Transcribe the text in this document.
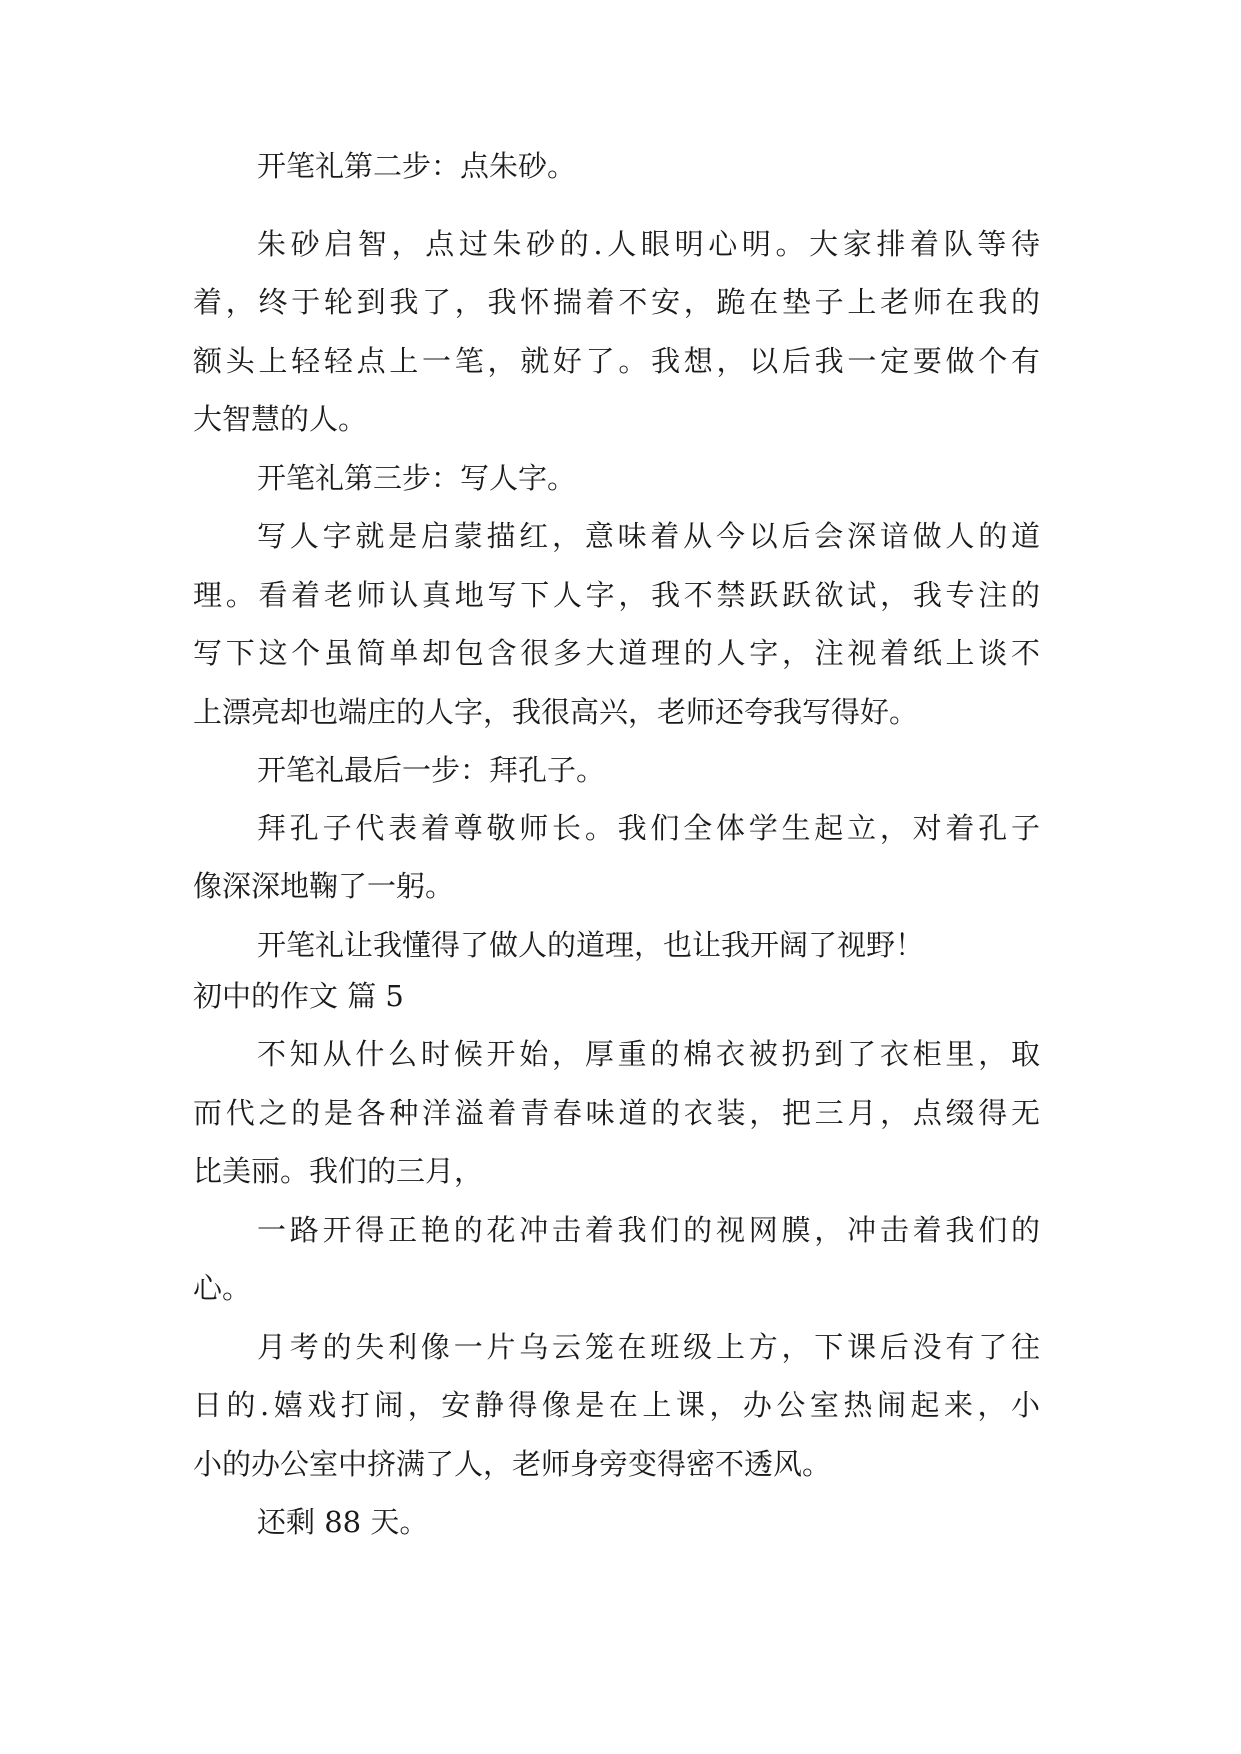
开笔礼第二步：点朱砂。
朱砂启智，点过朱砂的.人眼明心明。大家排着队等待
着，终于轮到我了，我怀揣着不安，跪在垫子上老师在我的
额头上轻轻点上一笔，就好了。我想，以后我一定要做个有
大智慧的人。
开笔礼第三步：写人字。
写人字就是启蒙描红，意味着从今以后会深谙做人的道
理。看着老师认真地写下人字，我不禁跃跃欲试，我专注的
写下这个虽简单却包含很多大道理的人字，注视着纸上谈不
上漂亮却也端庄的人字，我很高兴，老师还夸我写得好。
开笔礼最后一步：拜孔子。
拜孔子代表着尊敬师长。我们全体学生起立，对着孔子
像深深地鞠了一躬。
开笔礼让我懂得了做人的道理，也让我开阔了视野！
初中的作文 篇 5
不知从什么时候开始，厚重的棉衣被扔到了衣柜里，取
而代之的是各种洋溢着青春味道的衣装，把三月，点缀得无
比美丽。我们的三月，
一路开得正艳的花冲击着我们的视网膜，冲击着我们的
心。
月考的失利像一片乌云笼在班级上方，下课后没有了往
日的.嬉戏打闹，安静得像是在上课，办公室热闹起来，小
小的办公室中挤满了人，老师身旁变得密不透风。
还剩 88 天。
